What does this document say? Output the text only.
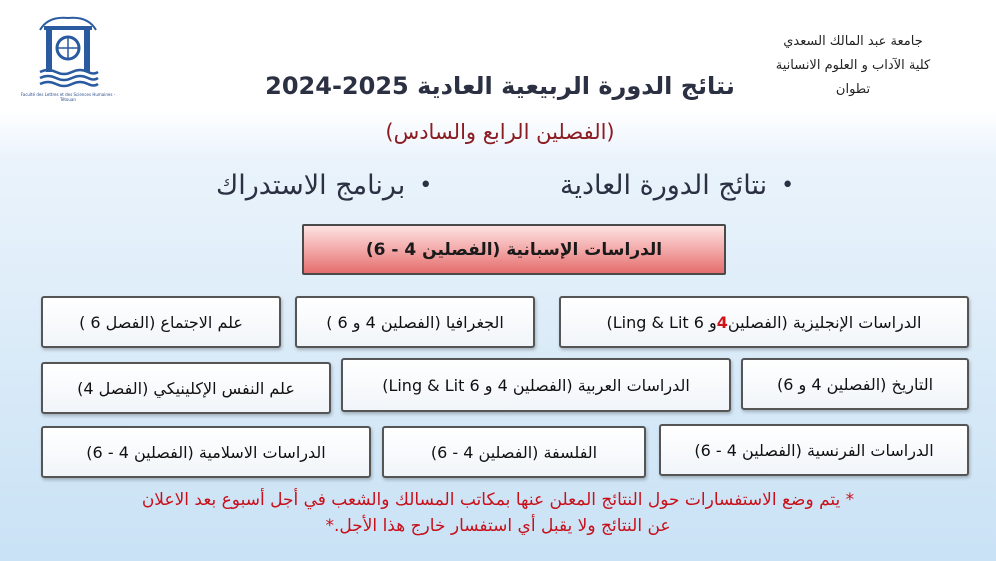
Faculté des Lettres et des Sciences Humaines - Tétouan
جامعة عبد المالك السعدي
كلية الآداب و العلوم الانسانية
تطوان
نتائج الدورة الربيعية العادية 2025-2024
(الفصلين الرابع والسادس)
•
نتائج الدورة العادية
•
برنامج الاستدراك
الدراسات الإسبانية (الفصلين 4 - 6)
الدراسات الإنجليزية (الفصلين
4
و 6 Ling & Lit)
الجغرافيا (الفصلين 4 و 6 )
علم الاجتماع (الفصل 6 )
التاريخ (الفصلين 4 و 6)
الدراسات العربية (الفصلين 4 و 6 Ling & Lit)
علم النفس الإكلينيكي (الفصل 4)
الدراسات الفرنسية (الفصلين 4 - 6)
الفلسفة (الفصلين 4 - 6)
الدراسات الاسلامية (الفصلين 4 - 6)
* يتم وضع الاستفسارات حول النتائج المعلن عنها بمكاتب المسالك والشعب في أجل أسبوع بعد الاعلان
عن النتائج ولا يقبل أي استفسار خارج هذا الأجل.*
